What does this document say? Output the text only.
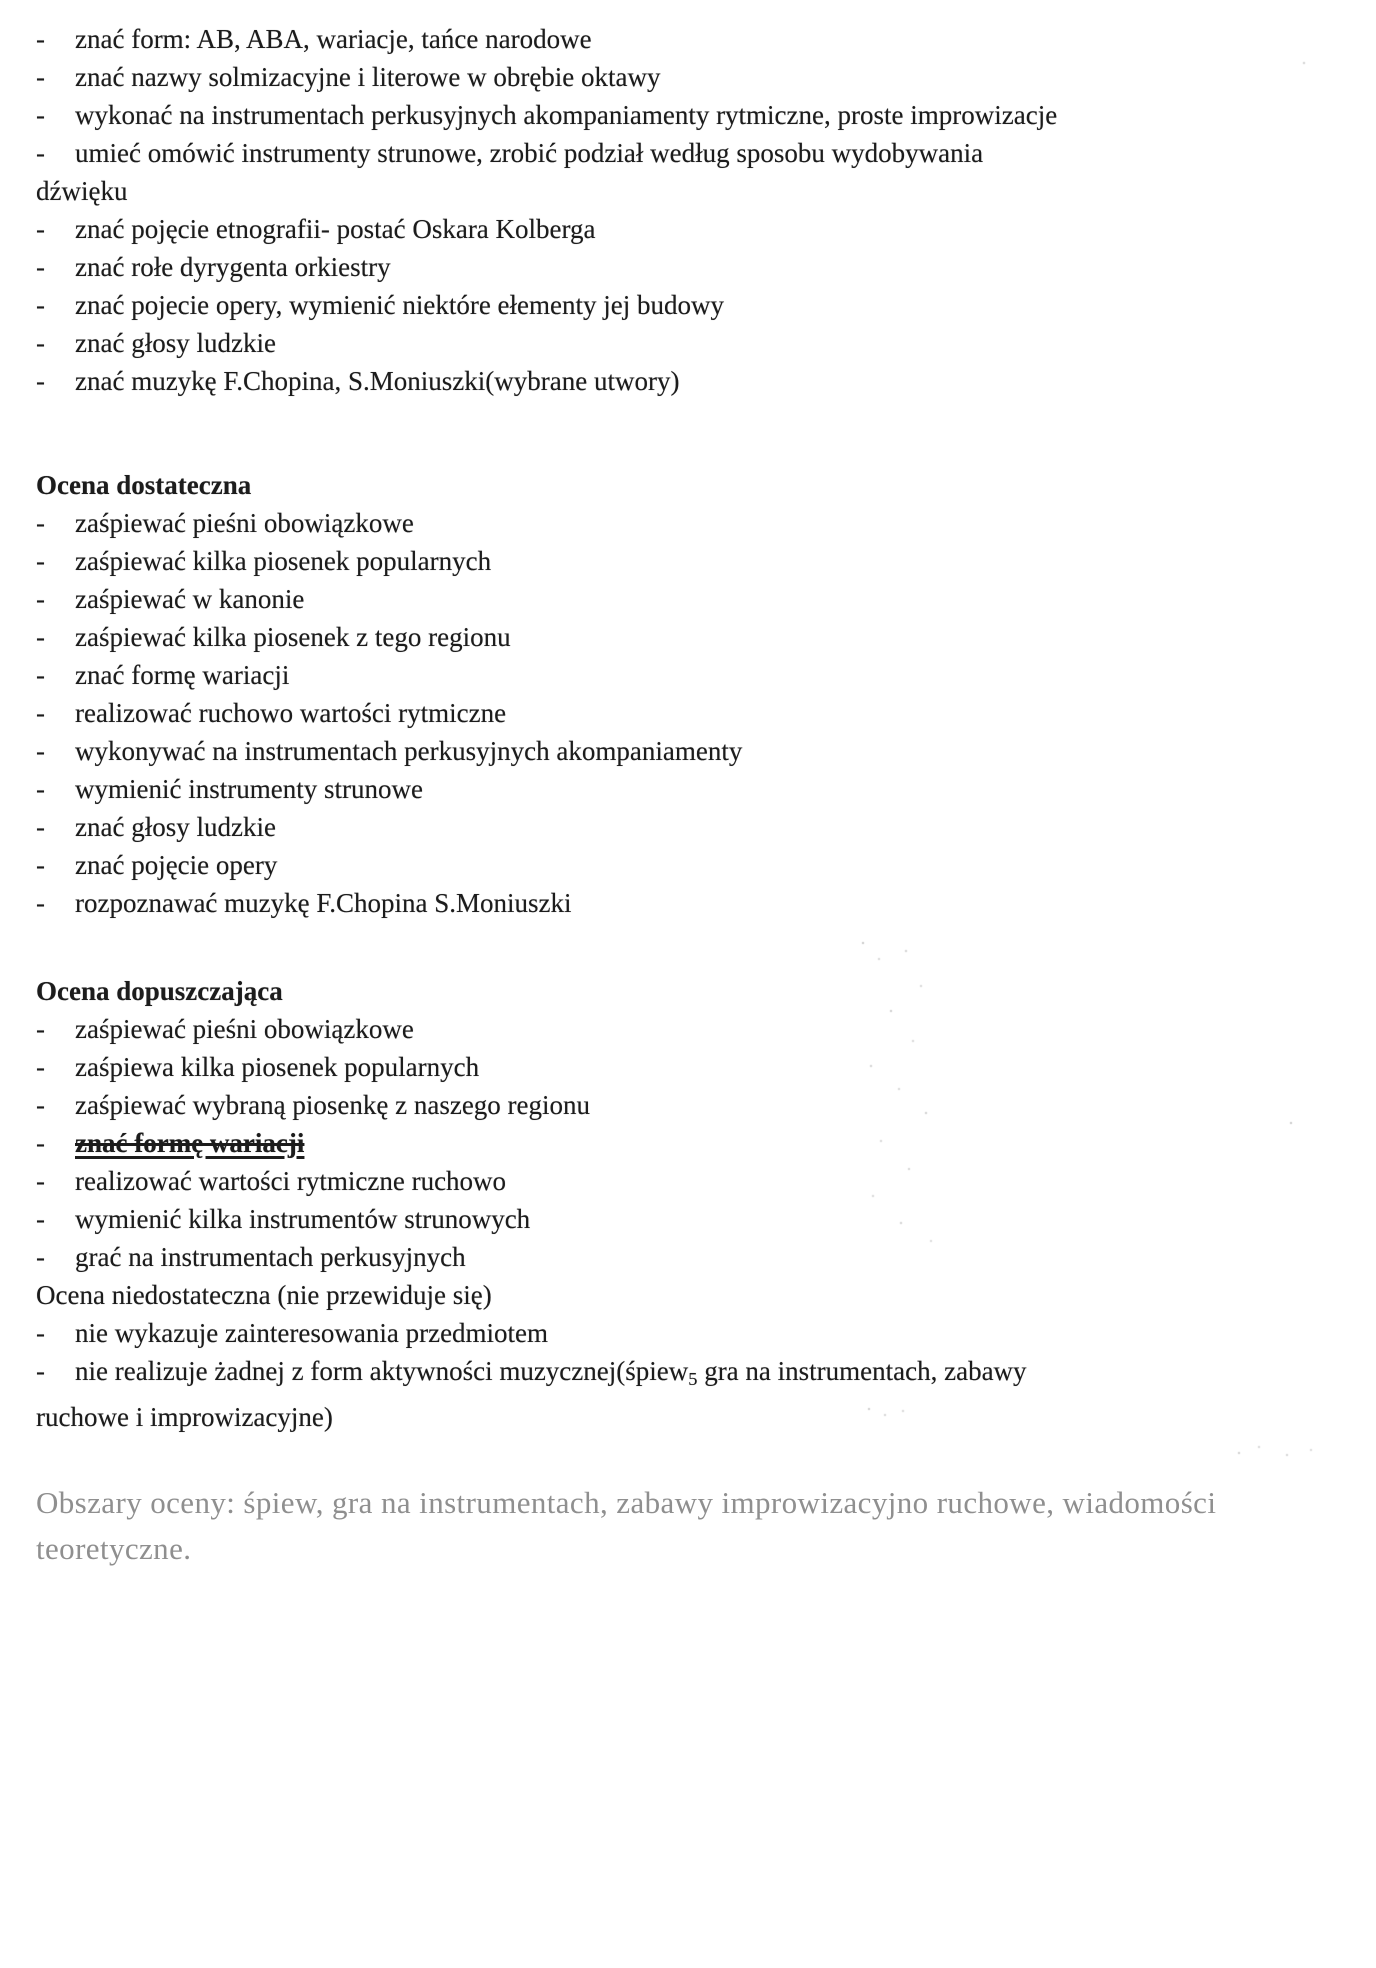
-	znać form: AB, ABA, wariacje, tańce narodowe
-	znać nazwy solmizacyjne i literowe w obrębie oktawy
-	wykonać na instrumentach perkusyjnych akompaniamenty rytmiczne, proste improwizacje
-	umieć omówić instrumenty strunowe, zrobić podział według sposobu wydobywania
dźwięku
-	znać pojęcie etnografii- postać Oskara Kolberga
-	znać rołe dyrygenta orkiestry
-	znać pojecie opery, wymienić niektóre ełementy jej budowy
-	znać głosy ludzkie
-	znać muzykę F.Chopina, S.Moniuszki(wybrane utwory)
Ocena dostateczna
-	zaśpiewać pieśni obowiązkowe
-	zaśpiewać kilka piosenek popularnych
-	zaśpiewać w kanonie
-	zaśpiewać kilka piosenek z tego regionu
-	znać formę wariacji
-	realizować ruchowo wartości rytmiczne
-	wykonywać na instrumentach perkusyjnych akompaniamenty
-	wymienić instrumenty strunowe
-	znać głosy ludzkie
-	znać pojęcie opery
-	rozpoznawać muzykę F.Chopina S.Moniuszki
Ocena dopuszczająca
-	zaśpiewać pieśni obowiązkowe
-	zaśpiewa kilka piosenek popularnych
-	zaśpiewać wybraną piosenkę z naszego regionu
-	znać formę wariacji
-	realizować wartości rytmiczne ruchowo
-	wymienić kilka instrumentów strunowych
-	grać na instrumentach perkusyjnych
Ocena niedostateczna (nie przewiduje się)
-	nie wykazuje zainteresowania przedmiotem
-	nie realizuje żadnej z form aktywności muzycznej(śpiew5 gra na instrumentach, zabawy
ruchowe i improwizacyjne)
Obszary oceny: śpiew, gra na instrumentach, zabawy improwizacyjno ruchowe, wiadomości teoretyczne.
